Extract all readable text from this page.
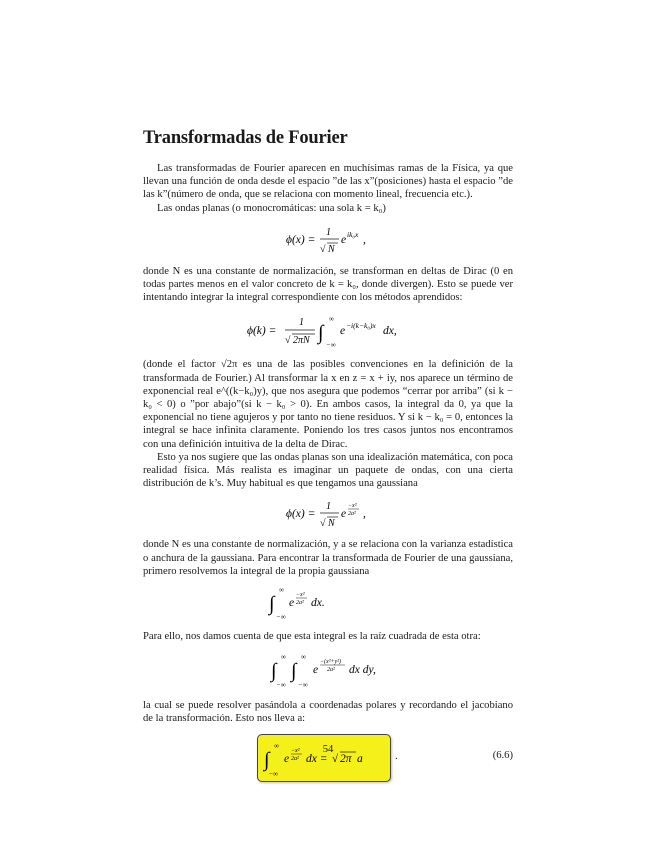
Transformadas de Fourier

Las transformadas de Fourier aparecen en muchísimas ramas de la Física, ya que llevan una función de onda desde el espacio ”de las x”(posiciones) hasta el espacio ”de las k”(número de onda, que se relaciona con momento lineal, frecuencia etc.).

Las ondas planas (o monocromáticas: una sola k = k₀)

ϕ(x) =
1
√ N
e ik₀x ,

donde N es una constante de normalización, se transforman en deltas de Dirac (0 en todas partes menos en el valor concreto de k = k₀, donde divergen). Esto se puede ver intentando integrar la integral correspondiente con los métodos aprendidos:

ϕ(k) =
1
√ 2πN ∫
∞
−∞
e −i(k−k₀)x dx,

(donde el factor √2π es una de las posibles convenciones en la definición de la transformada de Fourier.) Al transformar la x en z = x + iy, nos aparece un término de exponencial real e^((k−k₀)y), que nos asegura que podemos “cerrar por arriba” (si k − k₀ < 0) o ”por abajo”(si k − k₀ > 0). En ambos casos, la integral da 0, ya que la exponencial no tiene agujeros y por tanto no tiene residuos. Y si k − k₀ = 0, entonces la integral se hace infinita claramente. Poniendo los tres casos juntos nos encontramos con una definición intuitiva de la delta de Dirac.

Esto ya nos sugiere que las ondas planas son una idealización matemática, con poca realidad física. Más realista es imaginar un paquete de ondas, con una cierta distribución de k’s. Muy habitual es que tengamos una gaussiana

ϕ(x) =
1
√ N
e
−x²
2a² ,

donde N es una constante de normalización, y a se relaciona con la varianza estadística o anchura de la gaussiana. Para encontrar la transformada de Fourier de una gaussiana, primero resolvemos la integral de la propia gaussiana

∫
∞
−∞
e
−x²
2a² dx.

Para ello, nos damos cuenta de que esta integral es la raíz cuadrada de esta otra:

∫
∞
−∞
∫
∞
−∞
e
−(x²+y²)
2a² dx dy,

la cual se puede resolver pasándola a coordenadas polares y recordando el jacobiano de la transformación. Esto nos lleva a:

∫
∞
−∞
e
−x²
2a² dx = √ 2π a	.	(6.6)
54
